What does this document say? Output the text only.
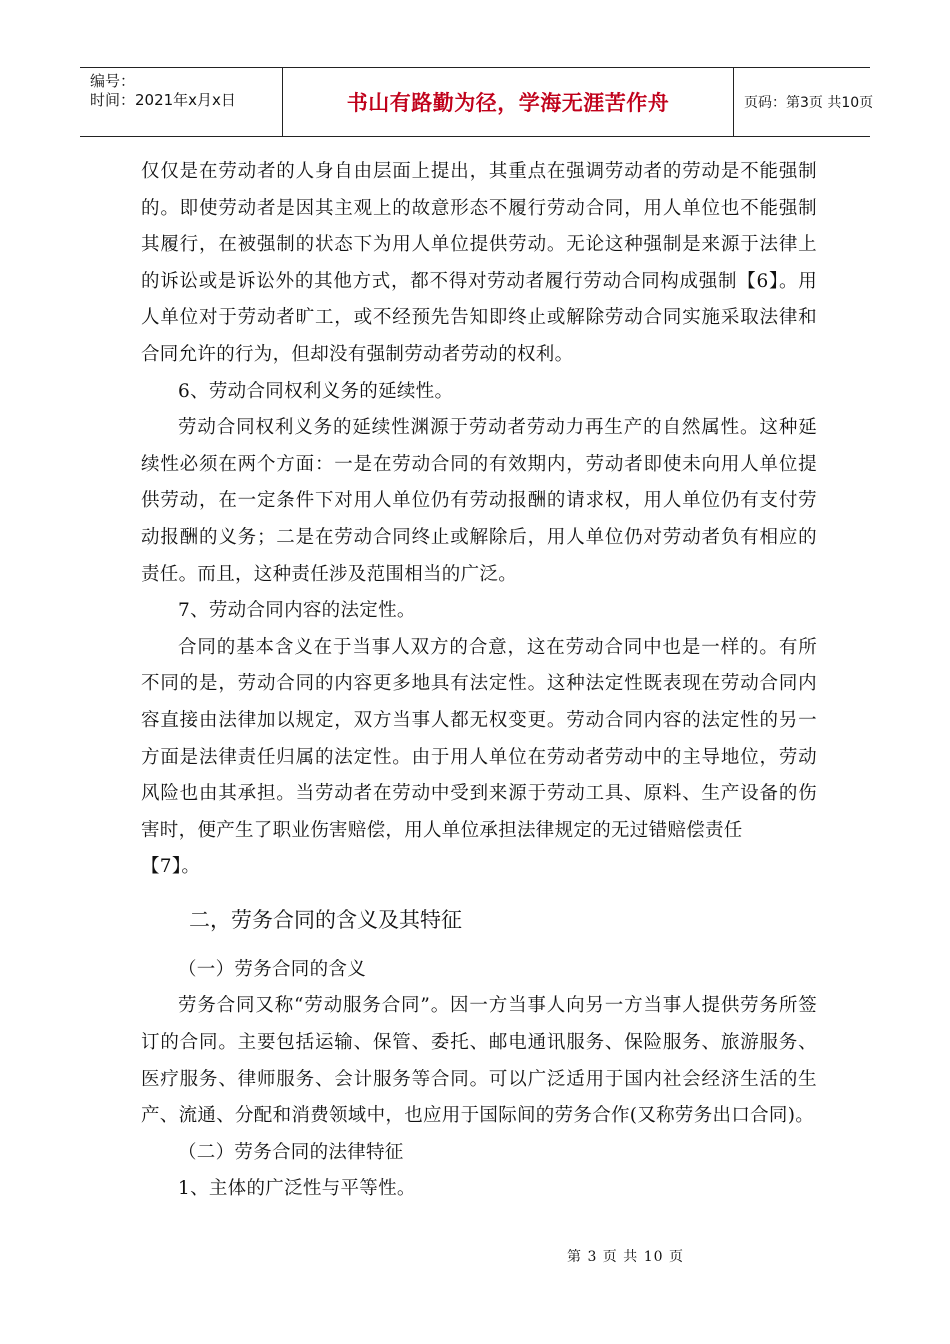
编号：
时间：2021年x月x日	书山有路勤为径，学海无涯苦作舟	页码：第3页 共10页

仅仅是在劳动者的人身自由层面上提出，其重点在强调劳动者的劳动是不能强制的。即使劳动者是因其主观上的故意形态不履行劳动合同，用人单位也不能强制其履行，在被强制的状态下为用人单位提供劳动。无论这种强制是来源于法律上的诉讼或是诉讼外的其他方式，都不得对劳动者履行劳动合同构成强制【6】。用人单位对于劳动者旷工，或不经预先告知即终止或解除劳动合同实施采取法律和合同允许的行为，但却没有强制劳动者劳动的权利。

6、劳动合同权利义务的延续性。

劳动合同权利义务的延续性渊源于劳动者劳动力再生产的自然属性。这种延续性必须在两个方面：一是在劳动合同的有效期内，劳动者即使未向用人单位提供劳动，在一定条件下对用人单位仍有劳动报酬的请求权，用人单位仍有支付劳动报酬的义务；二是在劳动合同终止或解除后，用人单位仍对劳动者负有相应的责任。而且，这种责任涉及范围相当的广泛。

7、劳动合同内容的法定性。

合同的基本含义在于当事人双方的合意，这在劳动合同中也是一样的。有所不同的是，劳动合同的内容更多地具有法定性。这种法定性既表现在劳动合同内容直接由法律加以规定，双方当事人都无权变更。劳动合同内容的法定性的另一方面是法律责任归属的法定性。由于用人单位在劳动者劳动中的主导地位，劳动风险也由其承担。当劳动者在劳动中受到来源于劳动工具、原料、生产设备的伤害时，便产生了职业伤害赔偿，用人单位承担法律规定的无过错赔偿责任

【7】。

二，劳务合同的含义及其特征

（一）劳务合同的含义

劳务合同又称“劳动服务合同”。因一方当事人向另一方当事人提供劳务所签订的合同。主要包括运输、保管、委托、邮电通讯服务、保险服务、旅游服务、医疗服务、律师服务、会计服务等合同。可以广泛适用于国内社会经济生活的生产、流通、分配和消费领域中，也应用于国际间的劳务合作(又称劳务出口合同)。

（二）劳务合同的法律特征

1、主体的广泛性与平等性。

第 3 页 共 10 页
